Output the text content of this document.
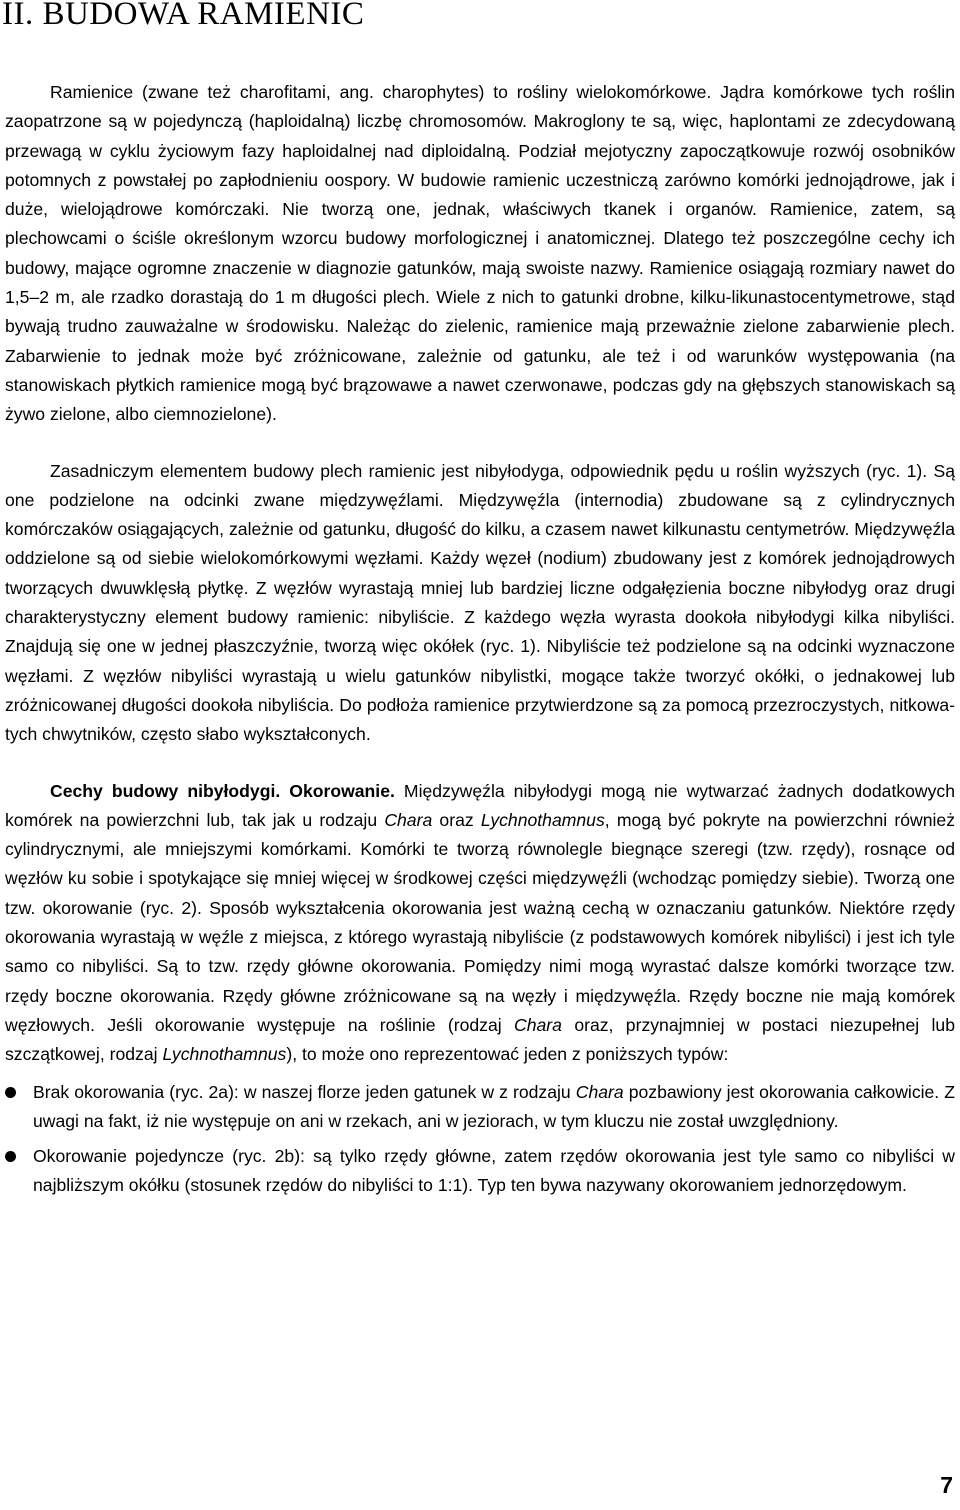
II. BUDOWA RAMIENIC

Ramienice (zwane też charofitami, ang. charophytes) to rośliny wielokomórkowe. Jądra komórkowe tych roślin zaopatrzone są w pojedynczą (haploidalną) liczbę chromosomów. Makroglony te są, więc, haplontami ze zdecydowaną przewagą w cyklu życiowym fazy haploidalnej nad diploidalną. Podział mejotyczny zapoczątkowuje rozwój osobników potomnych z powstałej po zapłodnieniu oospory. W budowie ramienic uczestniczą zarówno komórki jednojądrowe, jak i duże, wielojądrowe komórczaki. Nie tworzą one, jednak, właściwych tkanek i organów. Ramienice, zatem, są plechowcami o ściśle określonym wzorcu budowy morfologicznej i anatomicznej. Dlatego też poszczególne cechy ich budowy, mające ogromne znaczenie w diagnozie gatunków, mają swoiste nazwy. Ramienice osiągają rozmiary nawet do 1,5–2 m, ale rzadko dorastają do 1 m długości plech. Wiele z nich to gatunki drobne, kilku-likunastocentymetrowe, stąd bywają trudno zauważalne w środowisku. Należąc do zielenic, ramienice mają przeważnie zielone zabarwienie plech. Zabarwienie to jednak może być zróżnicowane, zależnie od gatunku, ale też i od warunków występowania (na stanowiskach płytkich ramienice mogą być brązowawe a nawet czerwonawe, podczas gdy na głębszych stanowiskach są żywo zielone, albo ciemnozielone).

Zasadniczym elementem budowy plech ramienic jest nibyłodyga, odpowiednik pędu u roślin wyższych (ryc. 1). Są one podzielone na odcinki zwane międzywęźlami. Międzywęźla (internodia) zbudowane są z cylindrycznych komórczaków osiągających, zależnie od gatunku, długość do kilku, a czasem nawet kilkunastu centymetrów. Międzywęźla oddzielone są od siebie wielokomórkowymi węzłami. Każdy węzeł (nodium) zbudowany jest z komórek jednojądrowych tworzących dwuwklęsłą płytkę. Z węzłów wyrastają mniej lub bardziej liczne odgałęzienia boczne nibyłodyg oraz drugi charakterystyczny element budowy ramienic: nibyliście. Z każdego węzła wyrasta dookoła nibyłodygi kilka nibyliści. Znajdują się one w jednej płaszczyźnie, tworzą więc okółek (ryc. 1). Nibyliście też podzielone są na odcinki wyznaczone węzłami. Z węzłów nibyliści wyrastają u wielu gatunków nibylistki, mogące także tworzyć okółki, o jednakowej lub zróżnicowanej długości dookoła nibyliścia. Do podłoża ramienice przytwierdzone są za pomocą przezroczystych, nitkowatych chwytników, często słabo wykształconych.

Cechy budowy nibyłodygi. Okorowanie. Międzywęźla nibyłodygi mogą nie wytwarzać żadnych dodatkowych komórek na powierzchni lub, tak jak u rodzaju Chara oraz Lychnothamnus, mogą być pokryte na powierzchni również cylindrycznymi, ale mniejszymi komórkami. Komórki te tworzą równolegle biegnące szeregi (tzw. rzędy), rosnące od węzłów ku sobie i spotykające się mniej więcej w środkowej części międzywęźli (wchodząc pomiędzy siebie). Tworzą one tzw. okorowanie (ryc. 2). Sposób wykształcenia okorowania jest ważną cechą w oznaczaniu gatunków. Niektóre rzędy okorowania wyrastają w węźle z miejsca, z którego wyrastają nibyliście (z podstawowych komórek nibyliści) i jest ich tyle samo co nibyliści. Są to tzw. rzędy główne okorowania. Pomiędzy nimi mogą wyrastać dalsze komórki tworzące tzw. rzędy boczne okorowania. Rzędy główne zróżnicowane są na węzły i międzywęźla. Rzędy boczne nie mają komórek węzłowych. Jeśli okorowanie występuje na roślinie (rodzaj Chara oraz, przynajmniej w postaci niezupełnej lub szczątkowej, rodzaj Lychnothamnus), to może ono reprezentować jeden z poniższych typów:

Brak okorowania (ryc. 2a): w naszej florze jeden gatunek w z rodzaju Chara pozbawiony jest okorowania całkowicie. Z uwagi na fakt, iż nie występuje on ani w rzekach, ani w jeziorach, w tym kluczu nie został uwzględniony.
Okorowanie pojedyncze (ryc. 2b): są tylko rzędy główne, zatem rzędów okorowania jest tyle samo co nibyliści w najbliższym okółku (stosunek rzędów do nibyliści to 1:1). Typ ten bywa nazywany okorowaniem jednorzędowym.
7
